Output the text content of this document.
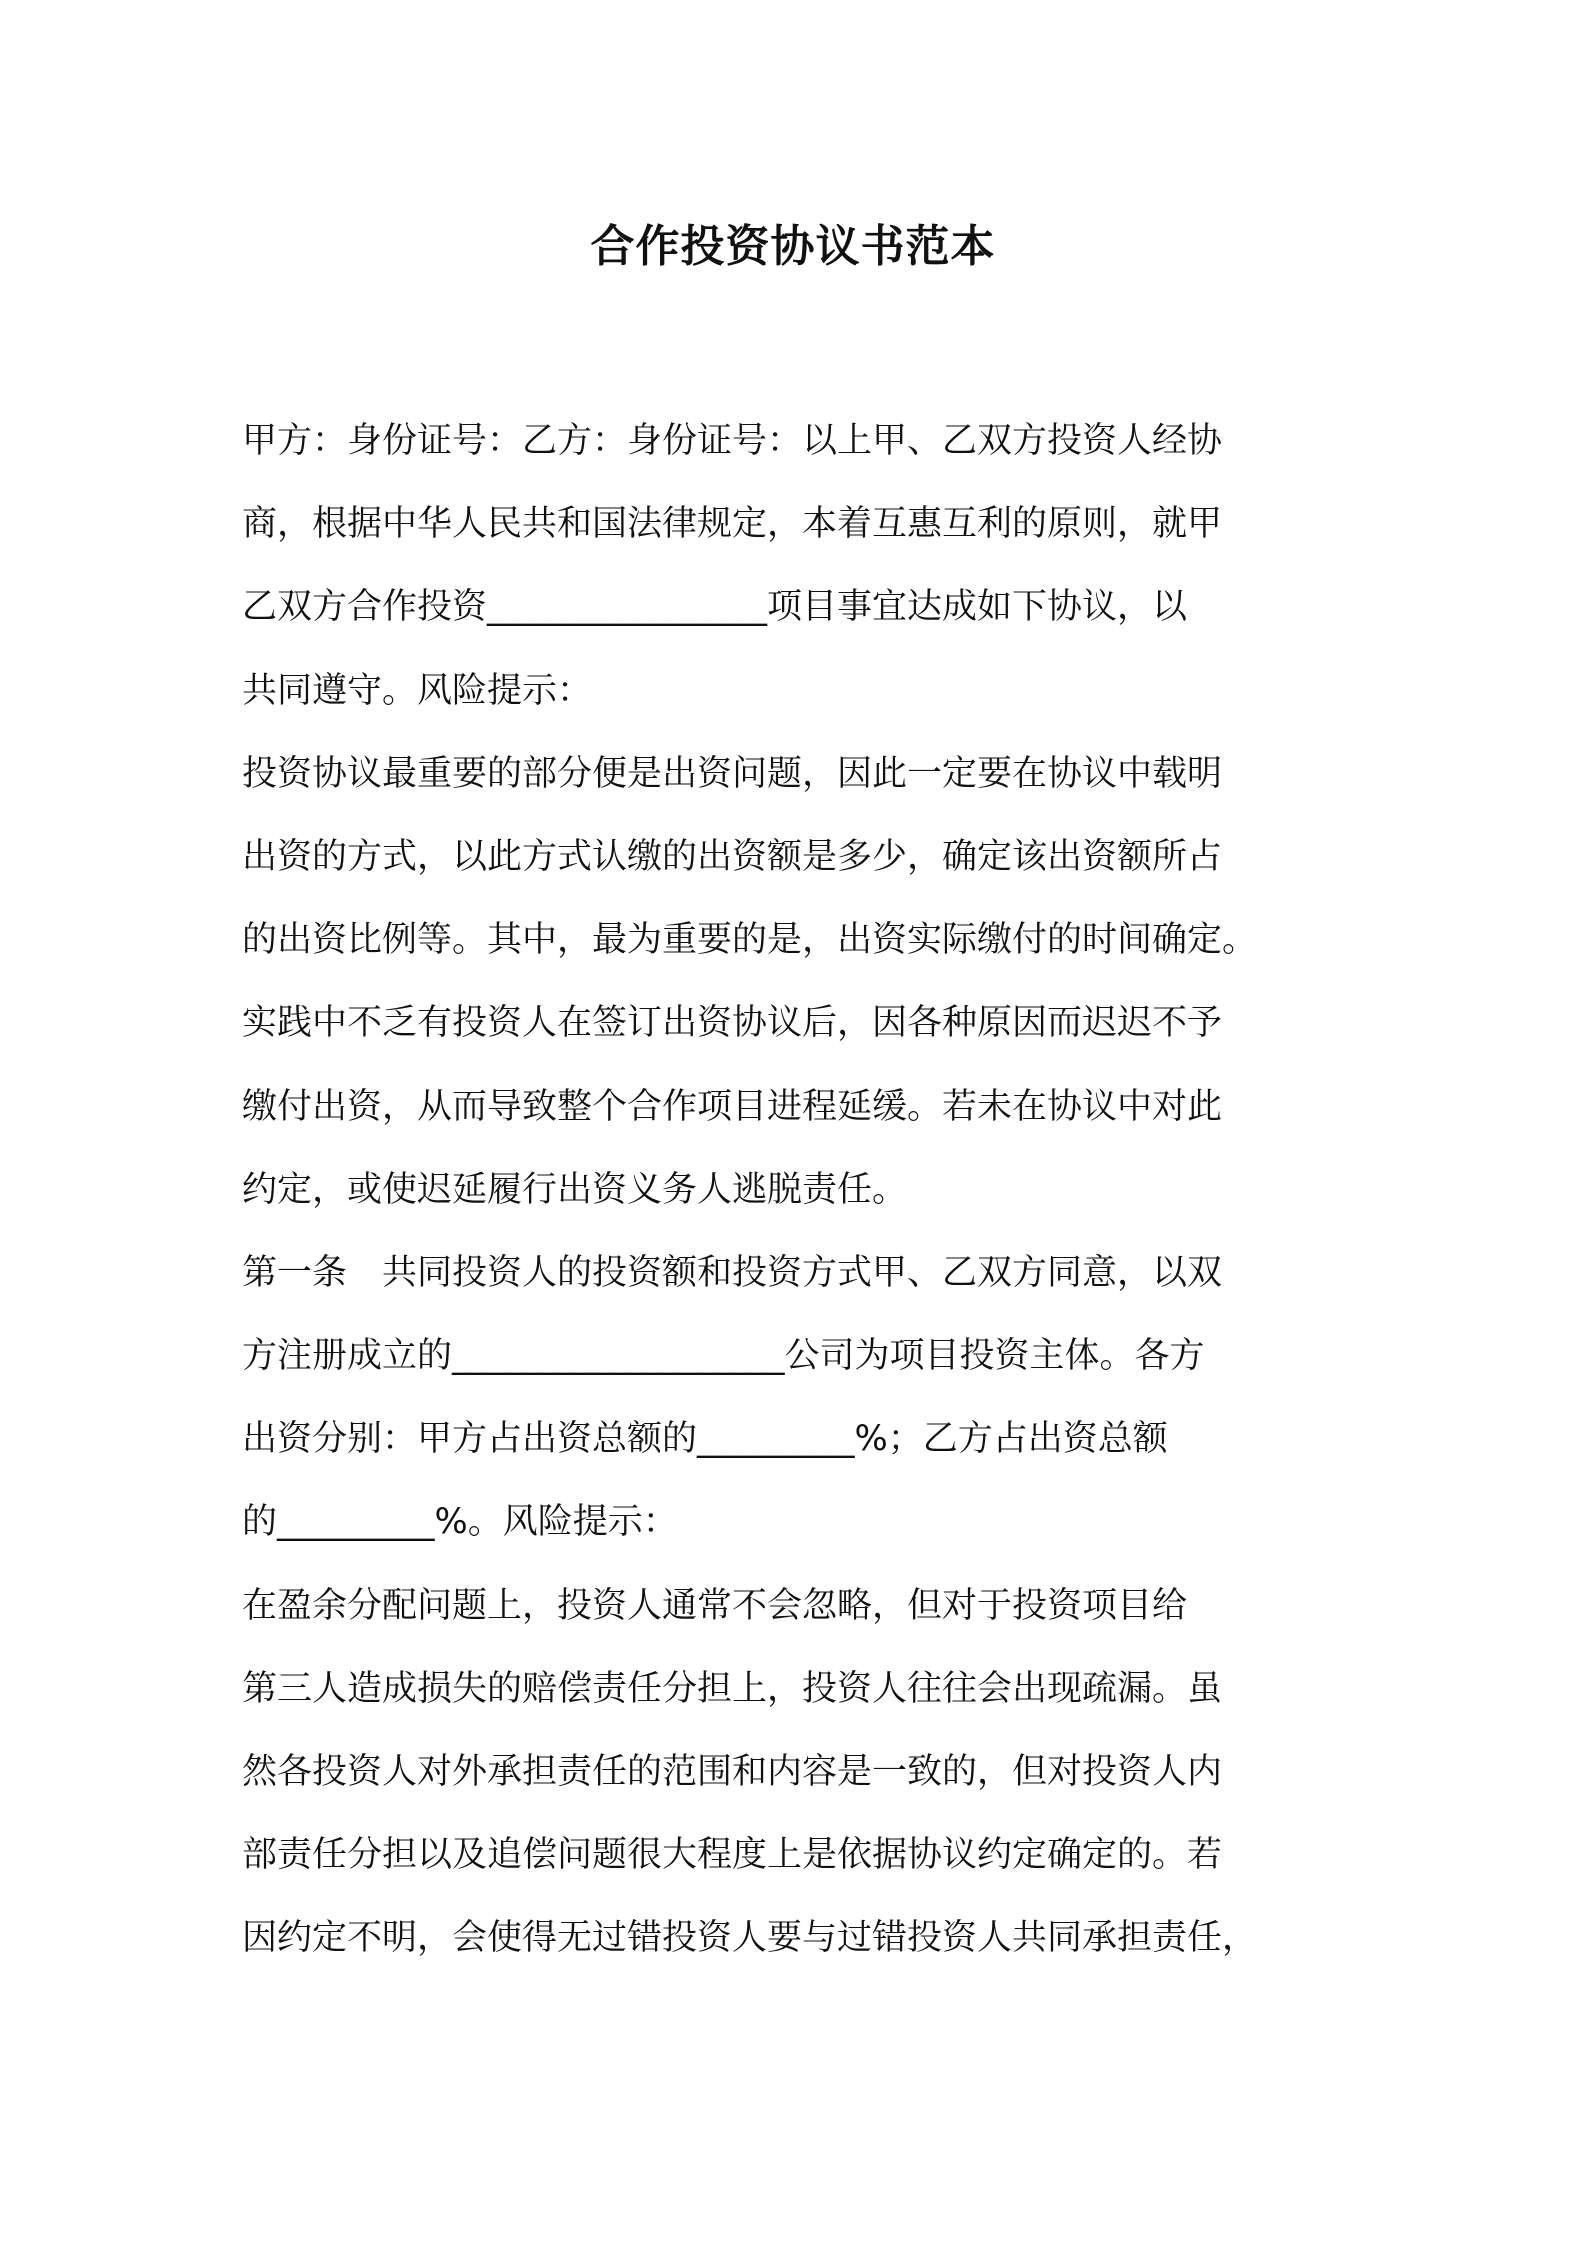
合作投资协议书范本
甲方：身份证号：乙方：身份证号：以上甲、乙双方投资人经协
商，根据中华人民共和国法律规定，本着互惠互利的原则，就甲
乙双方合作投资________________项目事宜达成如下协议，以
共同遵守。风险提示：
投资协议最重要的部分便是出资问题，因此一定要在协议中载明
出资的方式，以此方式认缴的出资额是多少，确定该出资额所占
的出资比例等。其中，最为重要的是，出资实际缴付的时间确定。
实践中不乏有投资人在签订出资协议后，因各种原因而迟迟不予
缴付出资，从而导致整个合作项目进程延缓。若未在协议中对此
约定，或使迟延履行出资义务人逃脱责任。
第一条　共同投资人的投资额和投资方式甲、乙双方同意，以双
方注册成立的___________________公司为项目投资主体。各方
出资分别：甲方占出资总额的_________%；乙方占出资总额
的_________%。风险提示：
在盈余分配问题上，投资人通常不会忽略，但对于投资项目给
第三人造成损失的赔偿责任分担上，投资人往往会出现疏漏。虽
然各投资人对外承担责任的范围和内容是一致的，但对投资人内
部责任分担以及追偿问题很大程度上是依据协议约定确定的。若
因约定不明，会使得无过错投资人要与过错投资人共同承担责任，
